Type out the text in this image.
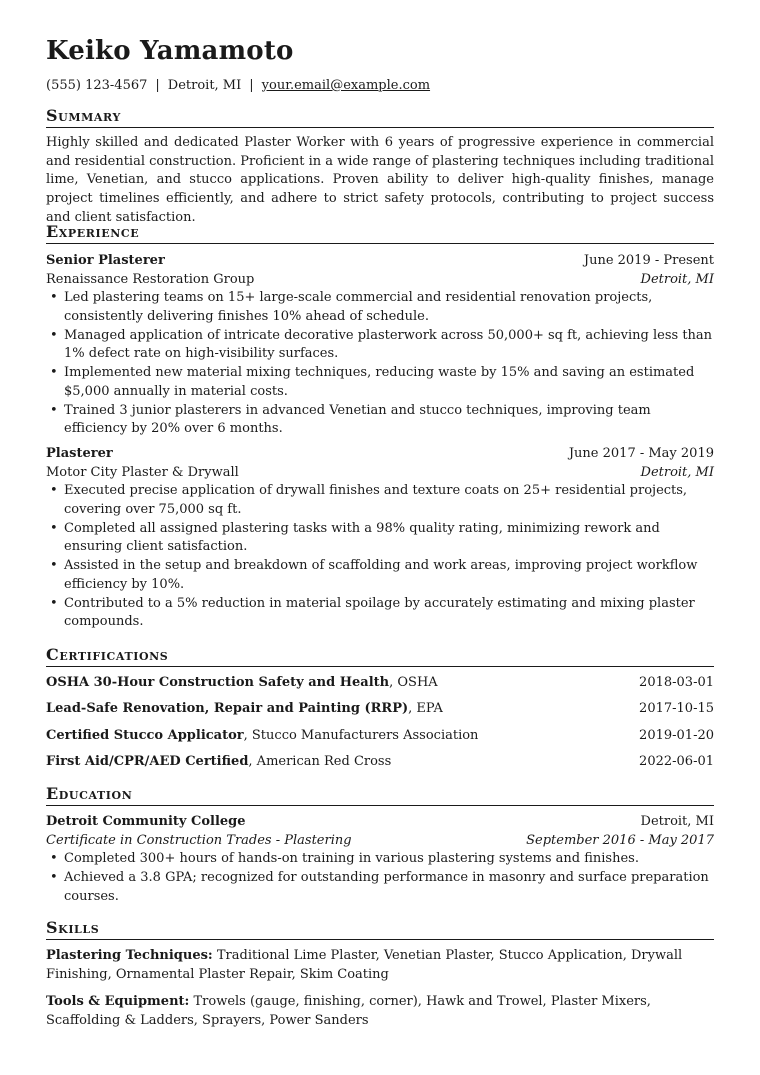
Keiko Yamamoto
(555) 123-4567 | Detroit, MI | your.email@example.com
Summary
Highly skilled and dedicated Plaster Worker with 6 years of progressive experience in commercial and residential construction. Proficient in a wide range of plastering techniques including traditional lime, Venetian, and stucco applications. Proven ability to deliver high-quality finishes, manage project timelines efficiently, and adhere to strict safety protocols, contributing to project success and client satisfaction.
Experience
Senior Plasterer	June 2019 - Present
Renaissance Restoration Group	Detroit, MI
• Led plastering teams on 15+ large-scale commercial and residential renovation projects, consistently delivering finishes 10% ahead of schedule.
• Managed application of intricate decorative plasterwork across 50,000+ sq ft, achieving less than 1% defect rate on high-visibility surfaces.
• Implemented new material mixing techniques, reducing waste by 15% and saving an estimated $5,000 annually in material costs.
• Trained 3 junior plasterers in advanced Venetian and stucco techniques, improving team efficiency by 20% over 6 months.
Plasterer	June 2017 - May 2019
Motor City Plaster & Drywall	Detroit, MI
• Executed precise application of drywall finishes and texture coats on 25+ residential projects, covering over 75,000 sq ft.
• Completed all assigned plastering tasks with a 98% quality rating, minimizing rework and ensuring client satisfaction.
• Assisted in the setup and breakdown of scaffolding and work areas, improving project workflow efficiency by 10%.
• Contributed to a 5% reduction in material spoilage by accurately estimating and mixing plaster compounds.
Certifications
OSHA 30-Hour Construction Safety and Health, OSHA	2018-03-01
Lead-Safe Renovation, Repair and Painting (RRP), EPA	2017-10-15
Certified Stucco Applicator, Stucco Manufacturers Association	2019-01-20
First Aid/CPR/AED Certified, American Red Cross	2022-06-01
Education
Detroit Community College	Detroit, MI
Certificate in Construction Trades - Plastering	September 2016 - May 2017
• Completed 300+ hours of hands-on training in various plastering systems and finishes.
• Achieved a 3.8 GPA; recognized for outstanding performance in masonry and surface preparation courses.
Skills
Plastering Techniques: Traditional Lime Plaster, Venetian Plaster, Stucco Application, Drywall Finishing, Ornamental Plaster Repair, Skim Coating
Tools & Equipment: Trowels (gauge, finishing, corner), Hawk and Trowel, Plaster Mixers, Scaffolding & Ladders, Sprayers, Power Sanders
